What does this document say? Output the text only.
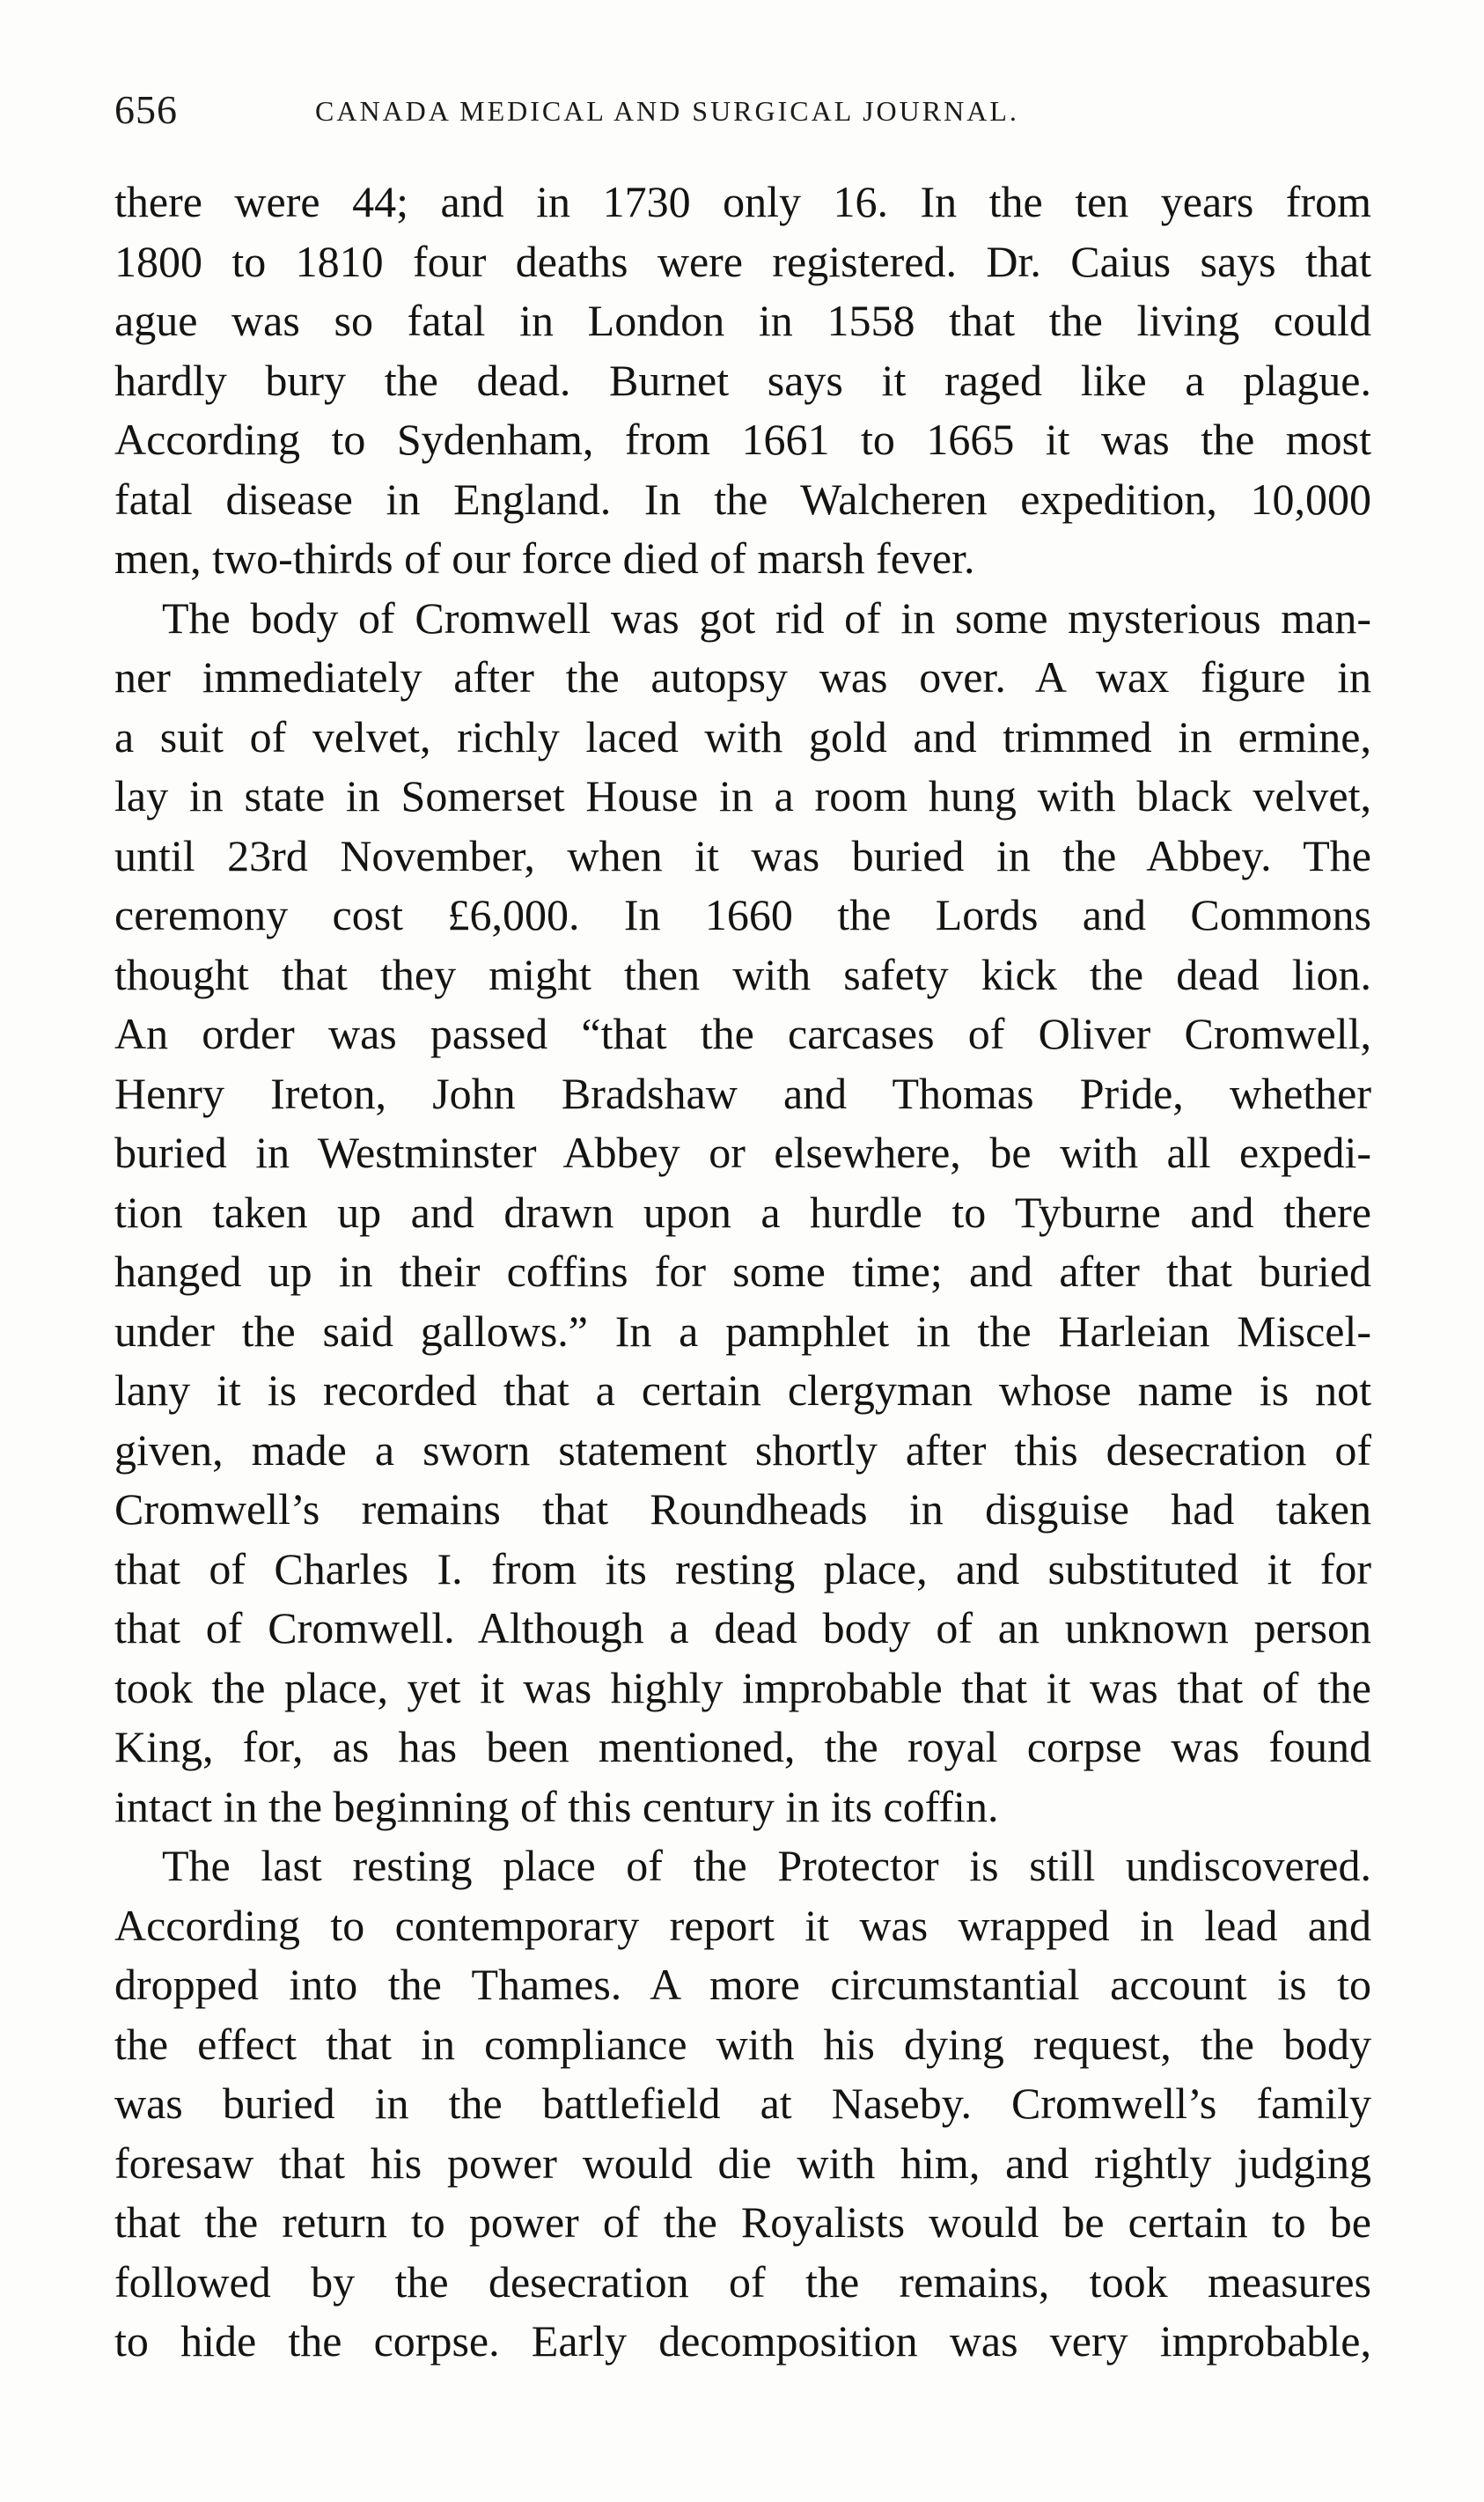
656	CANADA MEDICAL AND SURGICAL JOURNAL.
there were 44; and in 1730 only 16. In the ten years from
1800 to 1810 four deaths were registered. Dr. Caius says that
ague was so fatal in London in 1558 that the living could
hardly bury the dead. Burnet says it raged like a plague.
According to Sydenham, from 1661 to 1665 it was the most
fatal disease in England. In the Walcheren expedition, 10,000
men, two-thirds of our force died of marsh fever.
The body of Cromwell was got rid of in some mysterious man-
ner immediately after the autopsy was over. A wax figure in
a suit of velvet, richly laced with gold and trimmed in ermine,
lay in state in Somerset House in a room hung with black velvet,
until 23rd November, when it was buried in the Abbey. The
ceremony cost £6,000. In 1660 the Lords and Commons
thought that they might then with safety kick the dead lion.
An order was passed “that the carcases of Oliver Cromwell,
Henry Ireton, John Bradshaw and Thomas Pride, whether
buried in Westminster Abbey or elsewhere, be with all expedi-
tion taken up and drawn upon a hurdle to Tyburne and there
hanged up in their coffins for some time; and after that buried
under the said gallows.” In a pamphlet in the Harleian Miscel-
lany it is recorded that a certain clergyman whose name is not
given, made a sworn statement shortly after this desecration of
Cromwell’s remains that Roundheads in disguise had taken
that of Charles I. from its resting place, and substituted it for
that of Cromwell. Although a dead body of an unknown person
took the place, yet it was highly improbable that it was that of the
King, for, as has been mentioned, the royal corpse was found
intact in the beginning of this century in its coffin.
The last resting place of the Protector is still undiscovered.
According to contemporary report it was wrapped in lead and
dropped into the Thames. A more circumstantial account is to
the effect that in compliance with his dying request, the body
was buried in the battlefield at Naseby. Cromwell’s family
foresaw that his power would die with him, and rightly judging
that the return to power of the Royalists would be certain to be
followed by the desecration of the remains, took measures
to hide the corpse. Early decomposition was very improbable,
